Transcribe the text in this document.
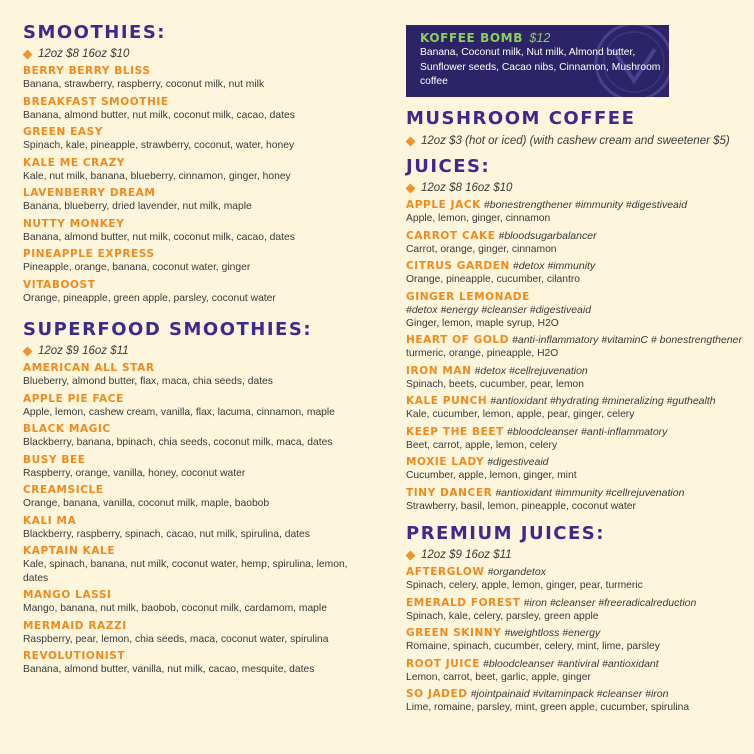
SMOOTHIES:
12oz $8 16oz $10
BERRY BERRY BLISS
Banana, strawberry, raspberry, coconut milk, nut milk
BREAKFAST SMOOTHIE
Banana, almond butter, nut milk, coconut milk, cacao, dates
GREEN EASY
Spinach, kale, pineapple, strawberry, coconut, water, honey
KALE ME CRAZY
Kale, nut milk, banana, blueberry, cinnamon, ginger, honey
LAVENBERRY DREAM
Banana, blueberry, dried lavender, nut milk, maple
NUTTY MONKEY
Banana, almond butter, nut milk, coconut milk, cacao, dates
PINEAPPLE EXPRESS
Pineapple, orange, banana, coconut water, ginger
VITABOOST
Orange, pineapple, green apple, parsley, coconut water
SUPERFOOD SMOOTHIES:
12oz $9 16oz $11
AMERICAN ALL STAR
Blueberry, almond butter, flax, maca, chia seeds, dates
APPLE PIE FACE
Apple, lemon, cashew cream, vanilla, flax, lacuma, cinnamon, maple
BLACK MAGIC
Blackberry, banana, bpinach, chia seeds, coconut milk, maca, dates
BUSY BEE
Raspberry, orange, vanilla, honey, coconut water
CREAMSICLE
Orange, banana, vanilla, coconut milk, maple, baobob
KALI MA
Blackberry, raspberry, spinach, cacao, nut milk, spirulina, dates
KAPTAIN KALE
Kale, spinach, banana, nut milk, coconut water, hemp, spirulina, lemon, dates
MANGO LASSI
Mango, banana, nut milk, baobob, coconut milk, cardamom, maple
MERMAID RAZZI
Raspberry, pear, lemon, chia seeds, maca, coconut water, spirulina
REVOLUTIONIST
Banana, almond butter, vanilla, nut milk, cacao, mesquite, dates
KOFFEE BOMB $12
Banana, Coconut milk, Nut milk, Almond butter, Sunflower seeds, Cacao nibs, Cinnamon, Mushroom coffee
MUSHROOM COFFEE
12oz $3 (hot or iced) (with cashew cream and sweetener $5)
JUICES:
12oz $8 16oz $10
APPLE JACK #bonestrengthener #immunity #digestiveaid
Apple, lemon, ginger, cinnamon
CARROT CAKE #bloodsugarbalancer
Carrot, orange, ginger, cinnamon
CITRUS GARDEN #detox #immunity
Orange, pineapple, cucumber, cilantro
GINGER LEMONADE
#detox #energy #cleanser #digestiveaid
Ginger, lemon, maple syrup, H2O
HEART OF GOLD #anti-inflammatory #vitaminC # bonestrengthener
turmeric, orange, pineapple, H2O
IRON MAN #detox #cellrejuvenation
Spinach, beets, cucumber, pear, lemon
KALE PUNCH #antioxidant #hydrating #mineralizing #guthealth
Kale, cucumber, lemon, apple, pear, ginger, celery
KEEP THE BEET #bloodcleanser #anti-inflammatory
Beet, carrot, apple, lemon, celery
MOXIE LADY #digestiveaid
Cucumber, apple, lemon, ginger, mint
TINY DANCER #antioxidant #immunity #cellrejuvenation
Strawberry, basil, lemon, pineapple, coconut water
PREMIUM JUICES:
12oz $9 16oz $11
AFTERGLOW #organdetox
Spinach, celery, apple, lemon, ginger, pear, turmeric
EMERALD FOREST #iron #cleanser #freeradicalreduction
Spinach, kale, celery, parsley, green apple
GREEN SKINNY #weightloss #energy
Romaine, spinach, cucumber, celery, mint, lime, parsley
ROOT JUICE #bloodcleanser #antiviral #antioxidant
Lemon, carrot, beet, garlic, apple, ginger
SO JADED #jointpainaid #vitaminpack #cleanser #iron
Lime, romaine, parsley, mint, green apple, cucumber, spirulina
